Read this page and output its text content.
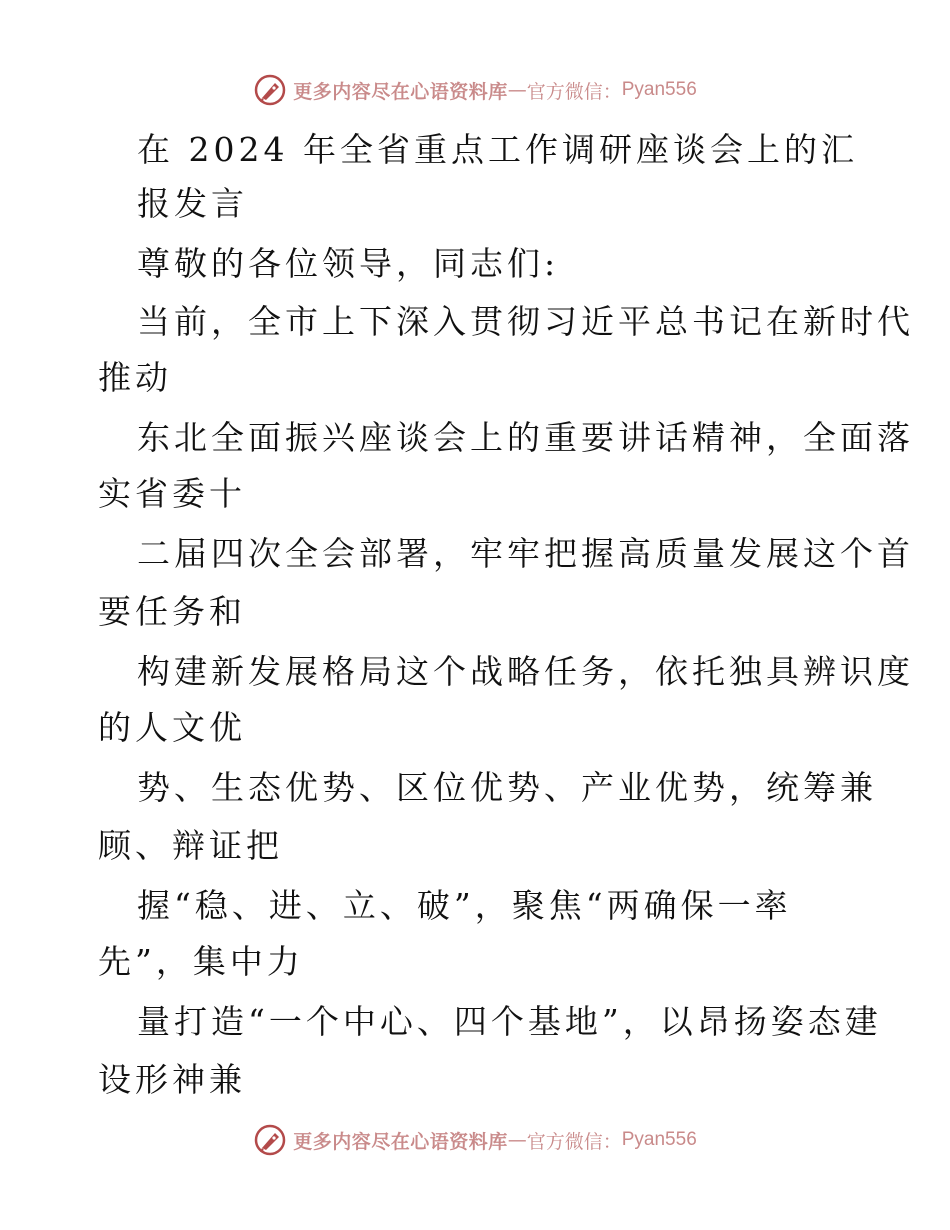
更多内容尽在心语资料库 — 官方微信： Pyan556
在 2024 年全省重点工作调研座谈会上的汇
报发言
尊敬的各位领导，同志们:
当前，全市上下深入贯彻习近平总书记在新时代
推动
东北全面振兴座谈会上的重要讲话精神，全面落
实省委十
二届四次全会部署，牢牢把握高质量发展这个首
要任务和
构建新发展格局这个战略任务，依托独具辨识度
的人文优
势、生态优势、区位优势、产业优势，统筹兼
顾、辩证把
握“稳、进、立、破”，聚焦“两确保一率
先”，集中力
量打造“一个中心、四个基地”，以昂扬姿态建
设形神兼
更多内容尽在心语资料库 — 官方微信： Pyan556
